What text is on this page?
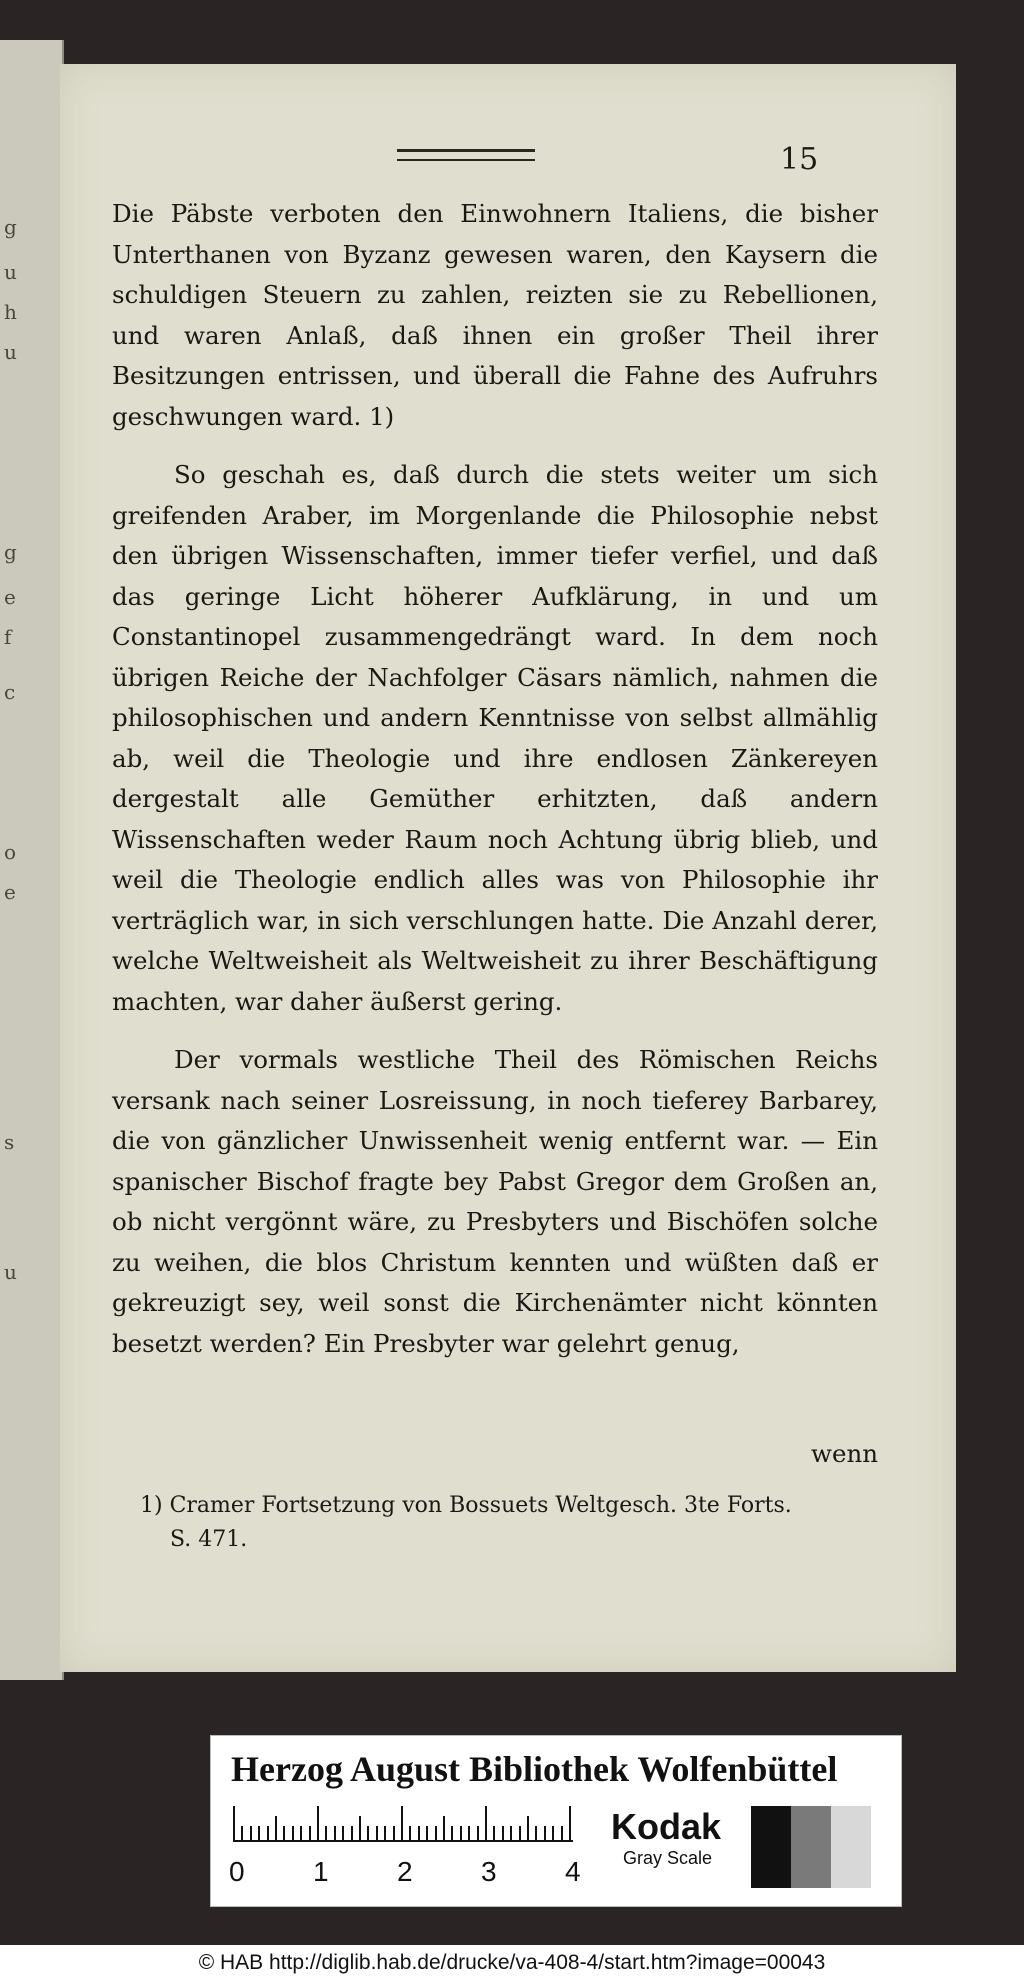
g
u
h
u
g
e
f
c
o
e
s
u
15

Die Päbste verboten den Einwohnern Italiens, die bisher Unterthanen von Byzanz gewesen waren, den Kaysern die schuldigen Steuern zu zahlen, reizten sie zu Rebellionen, und waren Anlaß, daß ihnen ein großer Theil ihrer Besitzungen entrissen, und überall die Fahne des Aufruhrs geschwungen ward. 1)

So geschah es, daß durch die stets weiter um sich greifenden Araber, im Morgenlande die Philosophie nebst den übrigen Wissenschaften, immer tiefer verfiel, und daß das geringe Licht höherer Aufklärung, in und um Constantinopel zusammengedrängt ward. In dem noch übrigen Reiche der Nachfolger Cäsars nämlich, nahmen die philosophischen und andern Kenntnisse von selbst allmählig ab, weil die Theologie und ihre endlosen Zänkereyen dergestalt alle Gemüther erhitzten, daß andern Wissenschaften weder Raum noch Achtung übrig blieb, und weil die Theologie endlich alles was von Philosophie ihr verträglich war, in sich verschlungen hatte. Die Anzahl derer, welche Weltweisheit als Weltweisheit zu ihrer Beschäftigung machten, war daher äußerst gering.

Der vormals westliche Theil des Römischen Reichs versank nach seiner Losreissung, in noch tieferey Barbarey, die von gänzlicher Unwissenheit wenig entfernt war. — Ein spanischer Bischof fragte bey Pabst Gregor dem Großen an, ob nicht vergönnt wäre, zu Presbyters und Bischöfen solche zu weihen, die blos Christum kennten und wüßten daß er gekreuzigt sey, weil sonst die Kirchenämter nicht könnten besetzt werden? Ein Presbyter war gelehrt genug,

wenn
1) Cramer Fortsetzung von Bossuets Weltgesch. 3te Forts.
S. 471.
Herzog August Bibliothek Wolfenbüttel
0 1 2 3 4
Kodak
Gray Scale
© HAB http://diglib.hab.de/drucke/va-408-4/start.htm?image=00043
